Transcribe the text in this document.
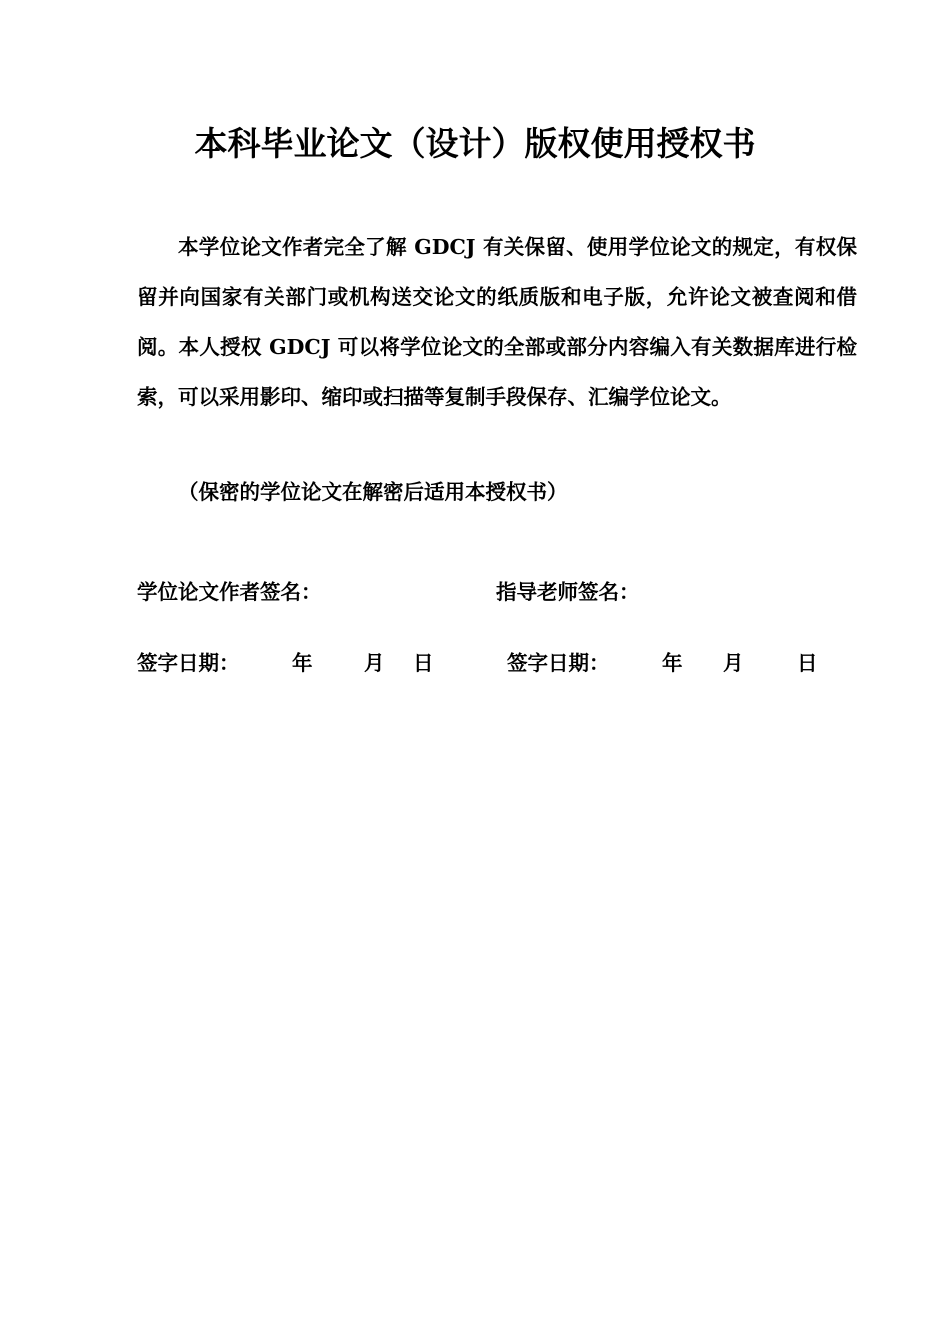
本科毕业论文（设计）版权使用授权书

本学位论文作者完全了解 GDCJ 有关保留、使用学位论文的规定，有权保留并向国家有关部门或机构送交论文的纸质版和电子版，允许论文被查阅和借阅。本人授权 GDCJ 可以将学位论文的全部或部分内容编入有关数据库进行检索，可以采用影印、缩印或扫描等复制手段保存、汇编学位论文。

（保密的学位论文在解密后适用本授权书）
学位论文作者签名：	指导老师签名：
签字日期：	年	月 日	签字日期：	年 月	日
